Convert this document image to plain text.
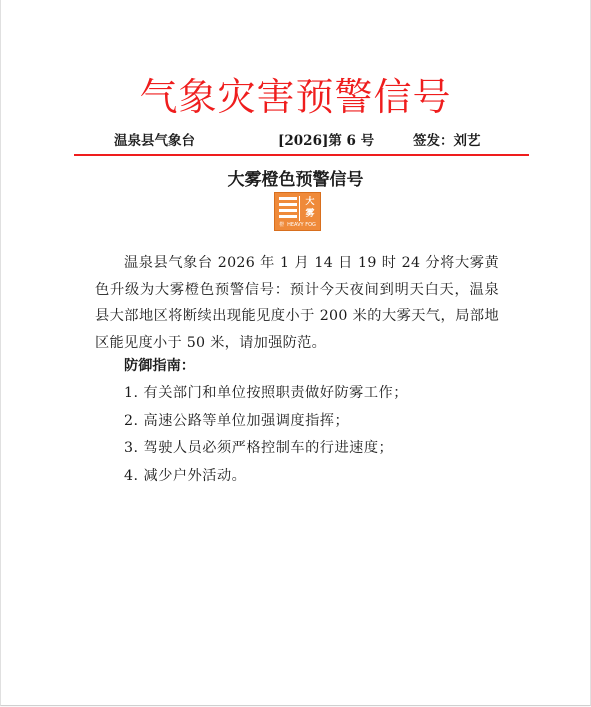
气象灾害预警信号
温泉县气象台	[2026]第 6 号	签发：刘艺
大雾橙色预警信号
大
雾
橙 HEAVY FOG
温泉县气象台 2026 年 1 月 14 日 19 时 24 分将大雾黄色升级为大雾橙色预警信号：预计今天夜间到明天白天，温泉县大部地区将断续出现能见度小于 200 米的大雾天气，局部地区能见度小于 50 米，请加强防范。
防御指南：
1. 有关部门和单位按照职责做好防雾工作；
2. 高速公路等单位加强调度指挥；
3. 驾驶人员必须严格控制车的行进速度；
4. 减少户外活动。
